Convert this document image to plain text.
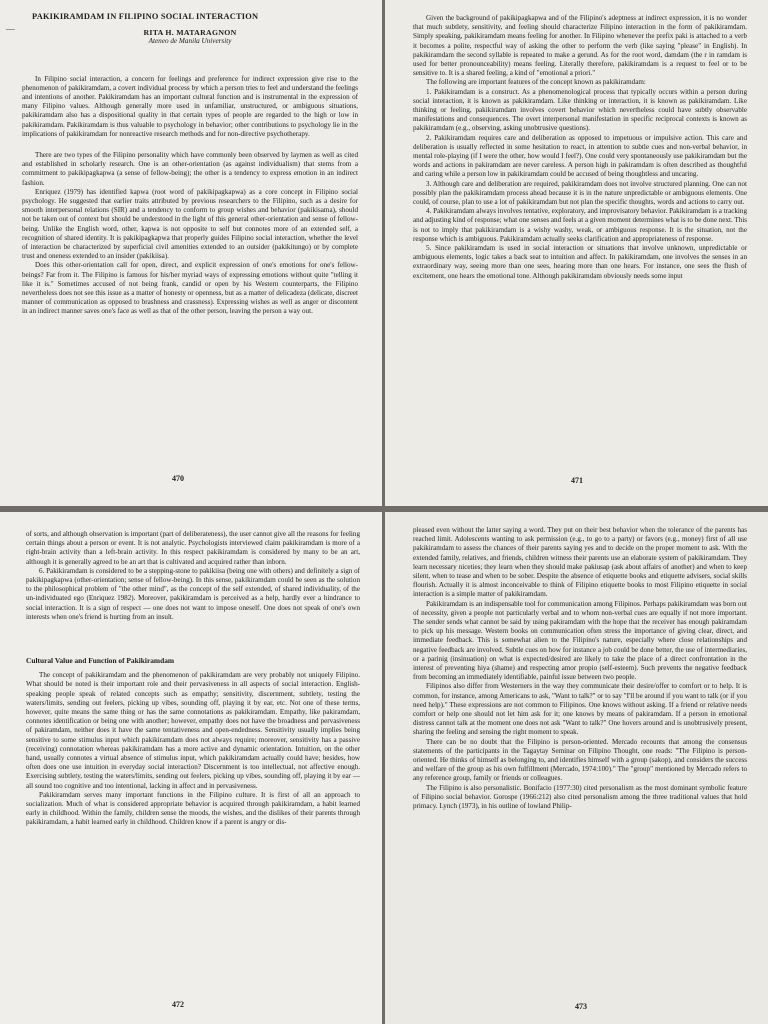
—
PAKIKIRAMDAM IN FILIPINO SOCIAL INTERACTION
RITA H. MATARAGNON
Ateneo de Manila University

In Filipino social interaction, a concern for feelings and preference for indirect expression give rise to the phenomenon of pakikiramdam, a covert individual process by which a person tries to feel and understand the feelings and intentions of another. Pakikiramdam has an important cultural function and is instrumental in the expression of many Filipino values. Although generally more used in unfamiliar, unstructured, or ambiguous situations, pakikiramdam also has a dispositional quality in that certain types of people are regarded to the high or low in pakikiramdam. Pakikiramdam is thus valuable to psychology in behavior; other contributions to psychology lie in the implications of pakikiramdam for nonreactive research methods and for non-directive psychotherapy.

There are two types of the Filipino personality which have commonly been observed by laymen as well as cited and established in scholarly research. One is an other-orientation (as against individualism) that stems from a commitment to pakikipagkapwa (a sense of fellow-being); the other is a tendency to express emotion in an indirect fashion.

Enriquez (1979) has identified kapwa (root word of pakikipagkapwa) as a core concept in Filipino social psychology. He suggested that earlier traits attributed by previous researchers to the Filipino, such as a desire for smooth interpersonal relations (SIR) and a tendency to conform to group wishes and behavior (pakikisama), should not be taken out of context but should be understood in the light of this general other-orientation and sense of fellow-being. Unlike the English word, other, kapwa is not opposite to self but connotes more of an extended self, a recognition of shared identity. It is pakikipagkapwa that properly guides Filipino social interaction, whether the level of interaction be characterized by superficial civil amenities extended to an outsider (pakikitungo) or by complete trust and oneness extended to an insider (pakikiisa).

Does this other-orientation call for open, direct, and explicit expression of one's emotions for one's fellow-beings? Far from it. The Filipino is famous for his/her myriad ways of expressing emotions without quite "telling it like it is." Sometimes accused of not being frank, candid or open by his Western counterparts, the Filipino nevertheless does not see this issue as a matter of honesty or openness, but as a matter of delicadeza (delicate, discreet manner of communication as opposed to brashness and crassness). Expressing wishes as well as anger or discontent in an indirect manner saves one's face as well as that of the other person, leaving the person a way out.

470

Given the background of pakikipagkapwa and of the Filipino's adeptness at indirect expression, it is no wonder that much subtlety, sensitivity, and feeling should characterize Filipino interaction in the form of pakikiramdam. Simply speaking, pakikiramdam means feeling for another. In Filipino whenever the prefix paki is attached to a verb it becomes a polite, respectful way of asking the other to perform the verb (like saying "please" in English). In pakikiramdam the second syllable is repeated to make a gerund. As for the root word, damdam (the r in ramdam is used for better pronounceability) means feeling. Literally therefore, pakikiramdam is a request to feel or to be sensitive to. It is a shared feeling, a kind of "emotional a priori."

The following are important features of the concept known as pakikiramdam:

1. Pakikiramdam is a construct. As a phenomenological process that typically occurs within a person during social interaction, it is known as pakikiramdam. Like thinking or interaction, it is known as pakikiramdam. Like thinking or feeling, pakikiramdam involves covert behavior which nevertheless could have subtly observable manifestations and consequences. The overt interpersonal manifestation in specific reciprocal contexts is known as pakikiramdam (e.g., observing, asking unobtrusive questions).
2. Pakikiramdam requires care and deliberation as opposed to impetuous or impulsive action. This care and deliberation is usually reflected in some hesitation to react, in attention to subtle cues and non-verbal behavior, in mental role-playing (if I were the other, how would I feel?). One could very spontaneously use pakikiramdam but the words and actions in pakiramdam are never careless. A person high in pakiramdam is often described as thoughtful and caring while a person low in pakikiramdam could be accused of being thoughtless and uncaring.
3. Although care and deliberation are required, pakikiramdam does not involve structured planning. One can not possibly plan the pakikiramdam process ahead because it is in the nature unpredictable or ambiguous elements. One could, of course, plan to use a lot of pakikiramdam but not plan the specific thoughts, words and actions to carry out.
4. Pakikiramdam always involves tentative, exploratory, and improvisatory behavior. Pakikiramdam is a tracking and adjusting kind of response; what one senses and feels at a given moment determines what is to be done next. This is not to imply that pakikiramdam is a wishy washy, weak, or ambiguous response. It is the situation, not the response which is ambiguous. Pakikiramdam actually seeks clarification and appropriateness of response.
5. Since pakikiramdam is used in social interaction or situations that involve unknown, unpredictable or ambiguous elements, logic takes a back seat to intuition and affect. In pakikiramdam, one involves the senses in an extraordinary way, seeing more than one sees, hearing more than one hears. For instance, one sees the flush of excitement, one hears the emotional tone. Although pakikiramdam obviously needs some input
471

of sorts, and although observation is important (part of deliberateness), the user cannot give all the reasons for feeling certain things about a person or event. It is not analytic. Psychologists interviewed claim pakikiramdam is more of a right-brain activity than a left-brain activity. In this respect pakikiramdam is considered by many to be an art, although it is generally agreed to be an art that is cultivated and acquired rather than inborn.

6. Pakikiramdam is considered to be a stepping-stone to pakikiisa (being one with others) and definitely a sign of pakikipagkapwa (other-orientation; sense of fellow-being). In this sense, pakikiramdam could be seen as the solution to the philosophical problem of "the other mind", as the concept of the self extended, of shared individuality, of the un-individuated ego (Enriquez 1982). Moreover, pakikiramdam is perceived as a help, hardly ever a hindrance to social interaction. It is a sign of respect — one does not want to impose oneself. One does not speak of one's own interests when one's friend is hurting from an insult.

Cultural Value and Function of Pakikiramdam

The concept of pakikiramdam and the phenomenon of pakikiramdam are very probably not uniquely Filipino. What should be noted is their important role and their pervasiveness in all aspects of social interaction. English-speaking people speak of related concepts such as empathy; sensitivity, discernment, subtlety, testing the waters/limits, sending out feelers, picking up vibes, sounding off, playing it by ear, etc. Not one of these terms, however, quite means the same thing or has the same connotations as pakikiramdam. Empathy, like pakiramdam, connotes identification or being one with another; however, empathy does not have the broadness and pervasiveness of pakiramdam, neither does it have the same tentativeness and open-endedness. Sensitivity usually implies being sensitive to some stimulus input which pakikiramdam does not always require; moreover, sensitivity has a passive (receiving) connotation whereas pakikiramdam has a more active and dynamic orientation. Intuition, on the other hand, usually connotes a virtual absence of stimulus input, which pakikiramdam actually could have; besides, how often does one use intuition in everyday social interaction? Discernment is too intellectual, not affective enough. Exercising subtlety, testing the waters/limits, sending out feelers, picking up vibes, sounding off, playing it by ear — all sound too cognitive and too intentional, lacking in affect and in pervasiveness.

Pakikiramdam serves many important functions in the Filipino culture. It is first of all an approach to socialization. Much of what is considered appropriate behavior is acquired through pakikiramdam, a habit learned early in childhood. Within the family, children sense the moods, the wishes, and the dislikes of their parents through pakikiramdam, a habit learned early in childhood. Children know if a parent is angry or dis-

472

pleased even without the latter saying a word. They put on their best behavior when the tolerance of the parents has reached limit. Adolescents wanting to ask permission (e.g., to go to a party) or favors (e.g., money) first of all use pakikiramdam to assess the chances of their parents saying yes and to decide on the proper moment to ask. With the extended family, relatives, and friends, children witness their parents use an elaborate system of pakikiramdam. They learn necessary niceties; they learn when they should make pakiusap (ask about affairs of another) and when to keep silent, when to tease and when to be sober. Despite the absence of etiquette books and etiquette advisers, social skills flourish. Actually it is almost inconceivable to think of Filipino etiquette books to most Filipino etiquette in social interaction is a simple matter of pakikiramdam.

Pakikiramdam is an indispensable tool for communication among Filipinos. Perhaps pakikiramdam was born out of necessity, given a people not particularly verbal and to whom non-verbal cues are equally if not more important. The sender sends what cannot be said by using pakiramdam with the hope that the receiver has enough pakiramdam to pick up his message. Western books on communication often stress the importance of giving clear, direct, and immediate feedback. This is somewhat alien to the Filipino's nature, especially where close relationships and negative feedback are involved. Subtle cues on how for instance a job could be done better, the use of intermediaries, or a parinig (insinuation) on what is expected/desired are likely to take the place of a direct confrontation in the interest of preventing hiya (shame) and respecting amor propio (self-esteem). Such prevents the negative feedback from becoming an immediately identifiable, painful issue between two people.

Filipinos also differ from Westerners in the way they communicate their desire/offer to comfort or to help. It is common, for instance, among Americans to ask, "Want to talk?" or to say "I'll be around if you want to talk (or if you need help)." These expressions are not common to Filipinos. One knows without asking. If a friend or relative needs comfort or help one should not let him ask for it; one knows by means of pakiramdam. If a person in emotional distress cannot talk at the moment one does not ask "Want to talk?" One hovers around and is unobtrusively present, sharing the feeling and sensing the right moment to speak.

There can be no doubt that the Filipino is person-oriented. Mercado recounts that among the consensus statements of the participants in the Tagaytay Seminar on Filipino Thought, one reads: "The Filipino is person-oriented. He thinks of himself as belonging to, and identifies himself with a group (sakop), and considers the success and welfare of the group as his own fulfillment (Mercado, 1974:100)." The "group" mentioned by Mercado refers to any reference group, family or friends or colleagues.

The Filipino is also personalistic. Bonifacio (1977:30) cited personalism as the most dominant symbolic feature of Filipino social behavior. Gorospe (1966:212) also cited personalism among the three traditional values that hold primacy. Lynch (1973), in his outline of lowland Philip-

473
